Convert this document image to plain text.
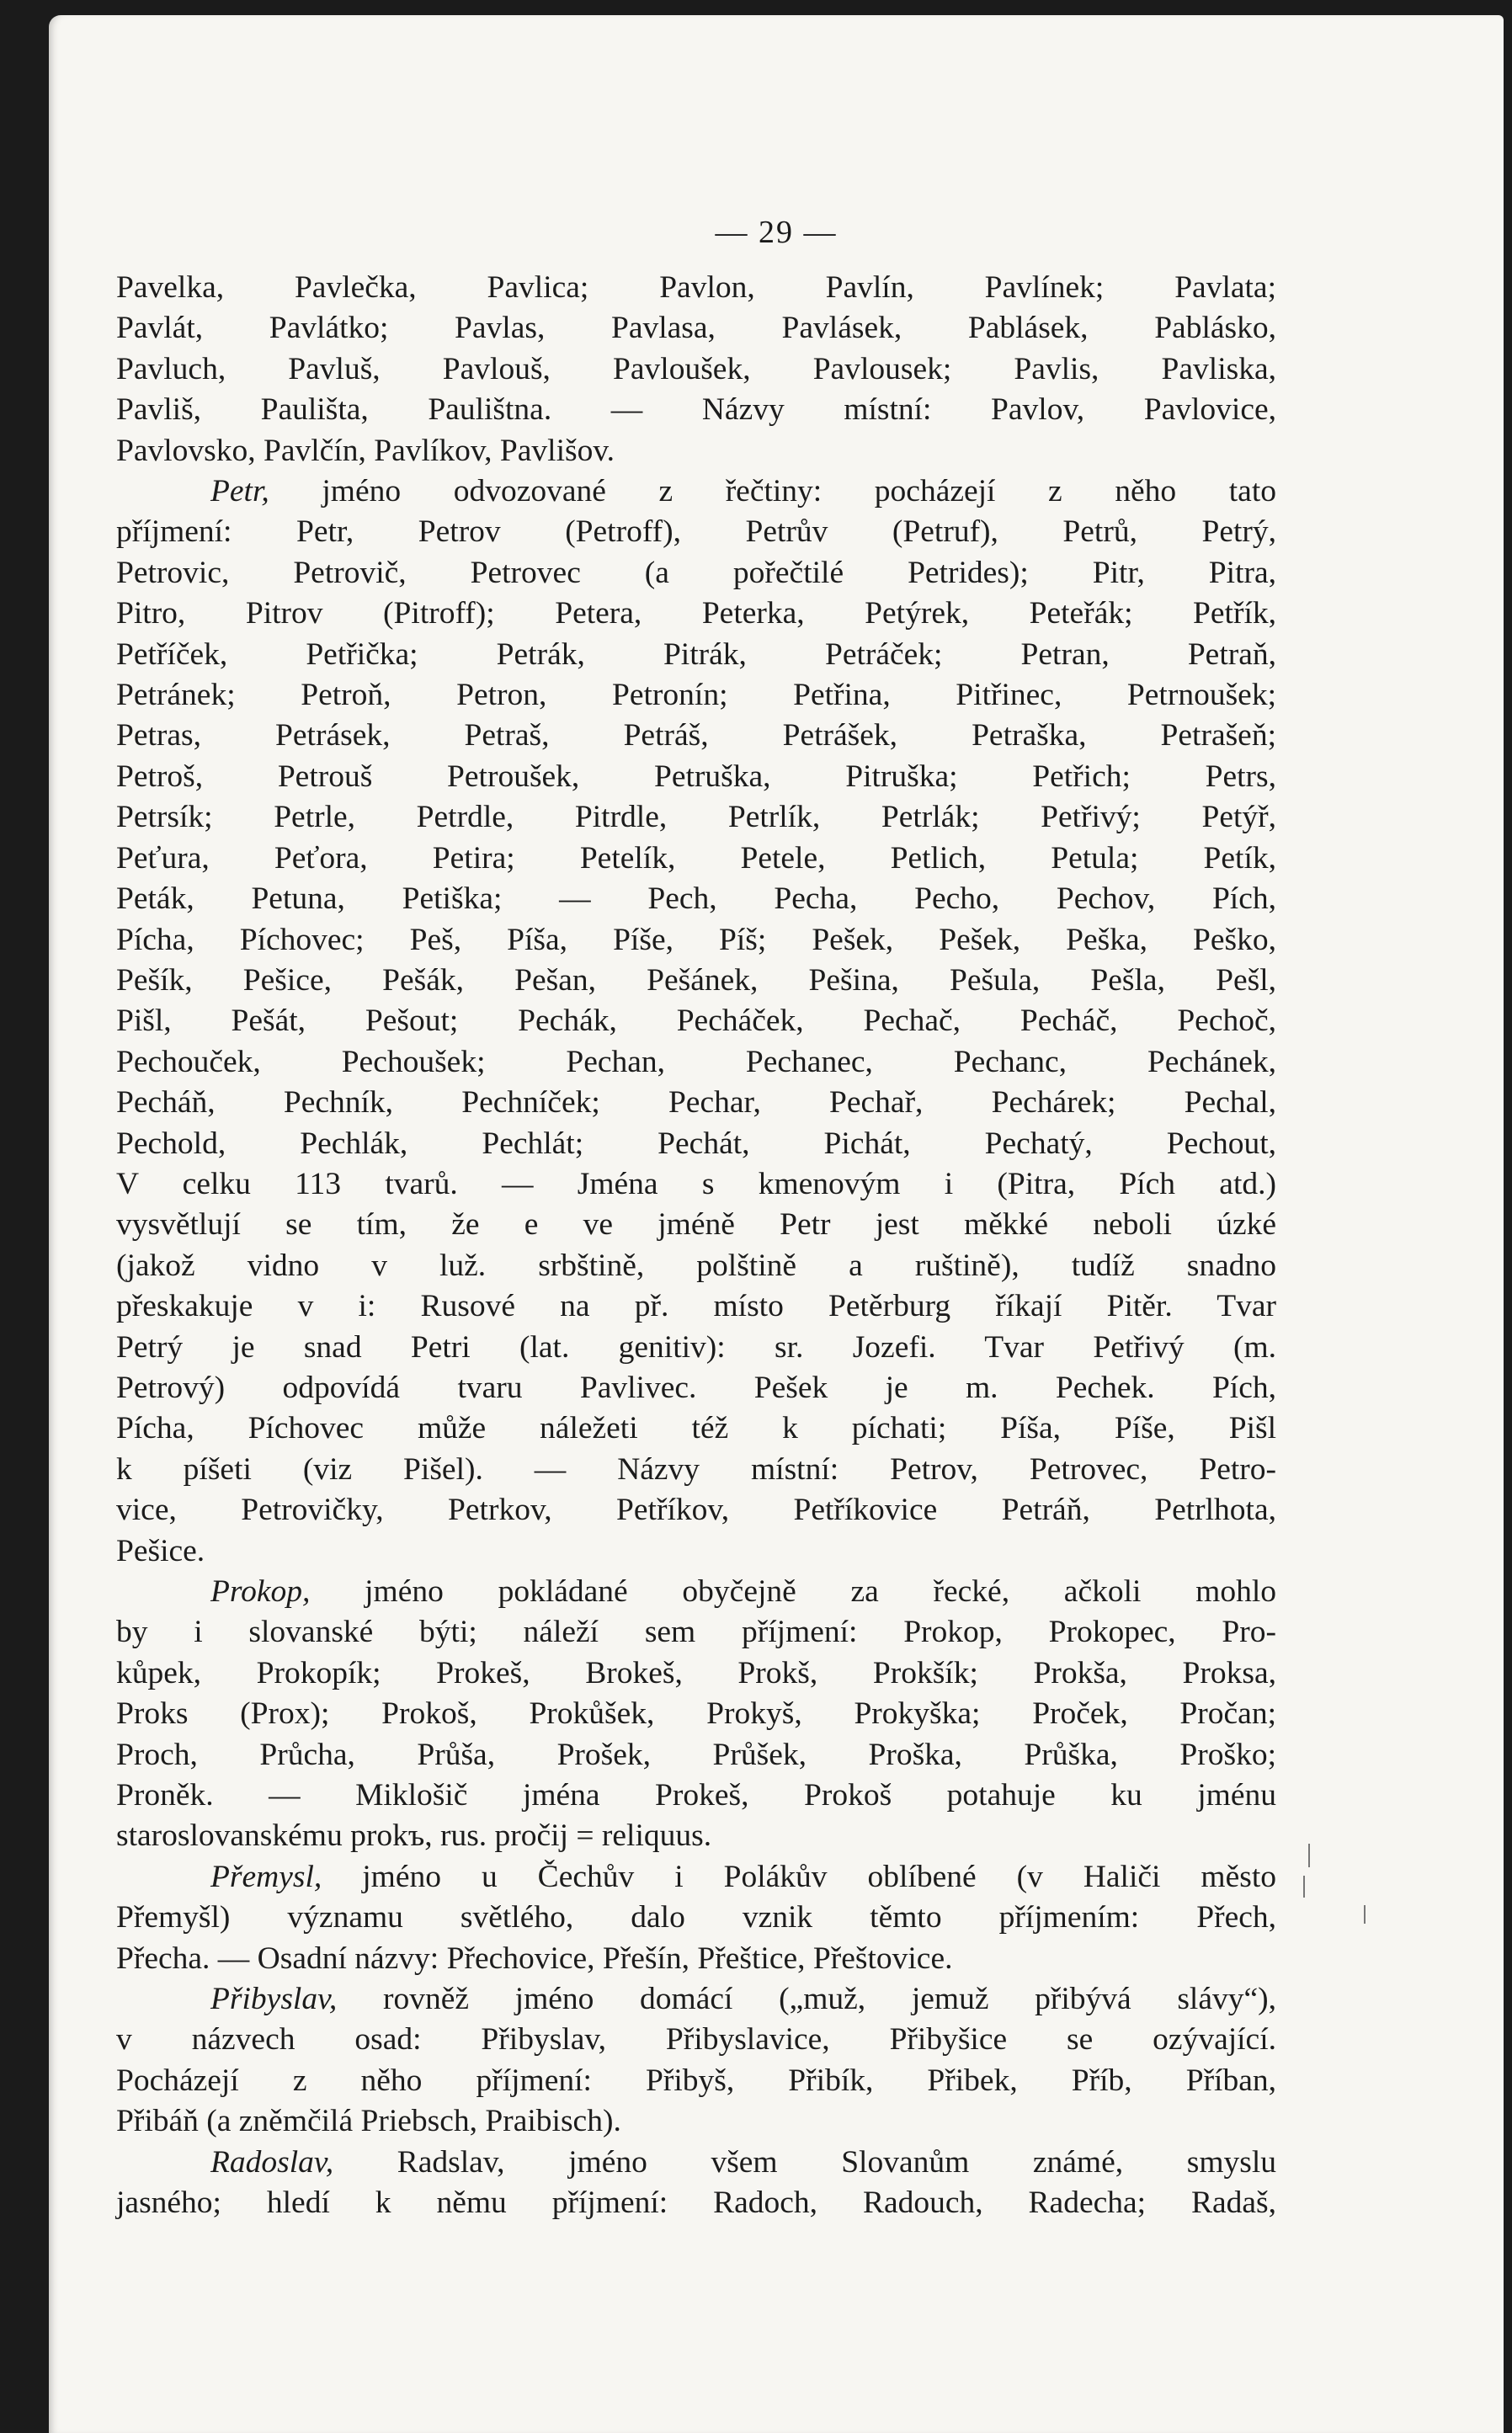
— 29 —
Pavelka, Pavlečka, Pavlica; Pavlon, Pavlín, Pavlínek; Pavlata;
Pavlát, Pavlátko; Pavlas, Pavlasa, Pavlásek, Pablásek, Pablásko,
Pavluch, Pavluš, Pavlouš, Pavloušek, Pavlousek; Pavlis, Pavliska,
Pavliš, Paulišta, Paulištna. — Názvy místní: Pavlov, Pavlovice,
Pavlovsko, Pavlčín, Pavlíkov, Pavlišov.
Petr, jméno odvozované z řečtiny: pocházejí z něho tato
příjmení: Petr, Petrov (Petroff), Petrův (Petruf), Petrů, Petrý,
Petrovic, Petrovič, Petrovec (a pořečtilé Petrides); Pitr, Pitra,
Pitro, Pitrov (Pitroff); Petera, Peterka, Petýrek, Peteřák; Petřík,
Petříček, Petřička; Petrák, Pitrák, Petráček; Petran, Petraň,
Petránek; Petroň, Petron, Petronín; Petřina, Pitřinec, Petrnoušek;
Petras, Petrásek, Petraš, Petráš, Petrášek, Petraška, Petrašeň;
Petroš, Petrouš Petroušek, Petruška, Pitruška; Petřich; Petrs,
Petrsík; Petrle, Petrdle, Pitrdle, Petrlík, Petrlák; Petřivý; Petýř,
Peťura, Peťora, Petira; Petelík, Petele, Petlich, Petula; Petík,
Peták, Petuna, Petiška; — Pech, Pecha, Pecho, Pechov, Pích,
Pícha, Píchovec; Peš, Píša, Píše, Píš; Pešek, Pešek, Peška, Peško,
Pešík, Pešice, Pešák, Pešan, Pešánek, Pešina, Pešula, Pešla, Pešl,
Pišl, Pešát, Pešout; Pechák, Pecháček, Pechač, Pecháč, Pechoč,
Pechouček, Pechoušek; Pechan, Pechanec, Pechanc, Pechánek,
Pecháň, Pechník, Pechníček; Pechar, Pechař, Pechárek; Pechal,
Pechold, Pechlák, Pechlát; Pechát, Pichát, Pechatý, Pechout,
V celku 113 tvarů. — Jména s kmenovým i (Pitra, Pích atd.)
vysvětlují se tím, že e ve jméně Petr jest měkké neboli úzké
(jakož vidno v luž. srbštině, polštině a ruštině), tudíž snadno
přeskakuje v i: Rusové na př. místo Petěrburg říkají Pitěr. Tvar
Petrý je snad Petri (lat. genitiv): sr. Jozefi. Tvar Petřivý (m.
Petrový) odpovídá tvaru Pavlivec. Pešek je m. Pechek. Pích,
Pícha, Píchovec může náležeti též k píchati; Píša, Píše, Pišl
k píšeti (viz Pišel). — Názvy místní: Petrov, Petrovec, Petro-
vice, Petrovičky, Petrkov, Petříkov, Petříkovice Petráň, Petrlhota,
Pešice.
Prokop, jméno pokládané obyčejně za řecké, ačkoli mohlo
by i slovanské býti; náleží sem příjmení: Prokop, Prokopec, Pro-
kůpek, Prokopík; Prokeš, Brokeš, Prokš, Prokšík; Prokša, Proksa,
Proks (Prox); Prokoš, Prokůšek, Prokyš, Prokyška; Proček, Pročan;
Proch, Průcha, Průša, Prošek, Průšek, Proška, Průška, Proško;
Proněk. — Miklošič jména Prokeš, Prokoš potahuje ku jménu
staroslovanskému prokъ, rus. pročij = reliquus.
Přemysl, jméno u Čechův i Polákův oblíbené (v Haliči město
Přemyšl) významu světlého, dalo vznik těmto příjmením: Přech,
Přecha. — Osadní názvy: Přechovice, Přešín, Přeštice, Přeštovice.
Přibyslav, rovněž jméno domácí („muž, jemuž přibývá slávy“),
v názvech osad: Přibyslav, Přibyslavice, Přibyšice se ozývající.
Pocházejí z něho příjmení: Přibyš, Přibík, Přibek, Příb, Příban,
Přibáň (a zněmčilá Priebsch, Praibisch).
Radoslav, Radslav, jméno všem Slovanům známé, smyslu
jasného; hledí k němu příjmení: Radoch, Radouch, Radecha; Radaš,
